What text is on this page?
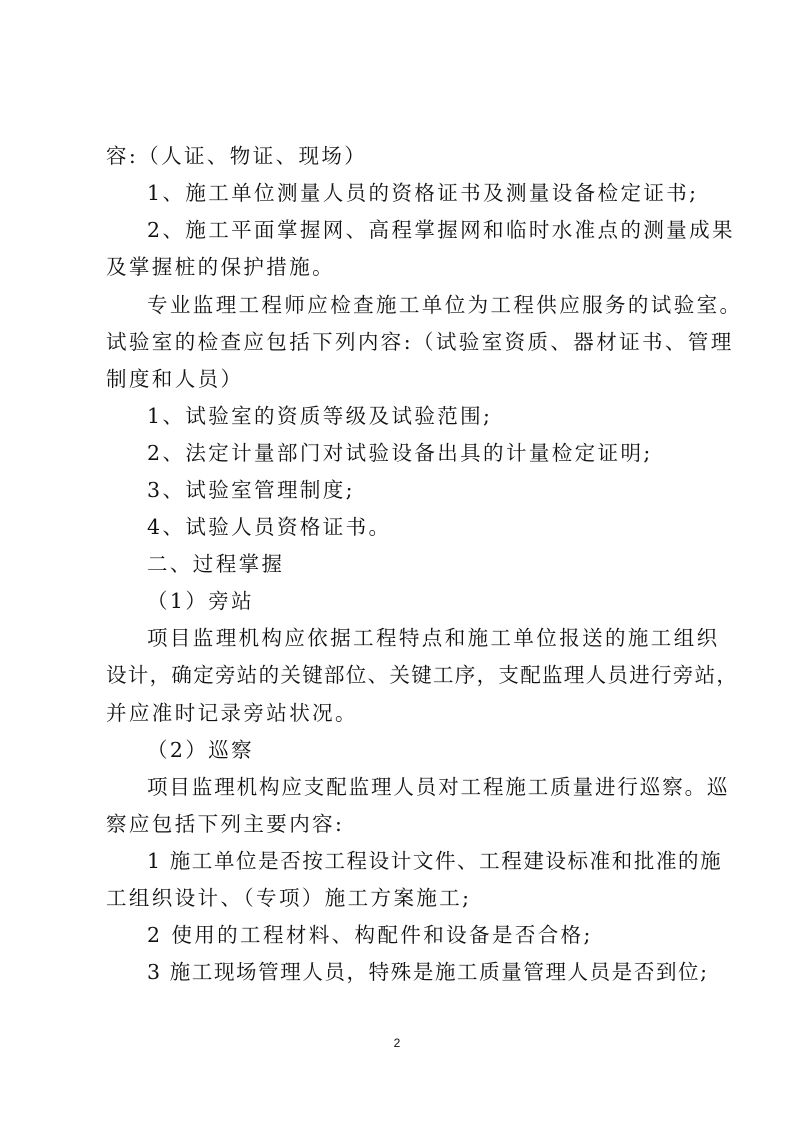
容:（人证、物证、现场）
1、施工单位测量人员的资格证书及测量设备检定证书;
2、施工平面掌握网、高程掌握网和临时水准点的测量成果
及掌握桩的保护措施。
专业监理工程师应检查施工单位为工程供应服务的试验室。
试验室的检查应包括下列内容:（试验室资质、器材证书、管理
制度和人员）
1、试验室的资质等级及试验范围;
2、法定计量部门对试验设备出具的计量检定证明;
3、试验室管理制度;
4、试验人员资格证书。
二、过程掌握
（1）旁站
项目监理机构应依据工程特点和施工单位报送的施工组织
设计，确定旁站的关键部位、关键工序，支配监理人员进行旁站，
并应准时记录旁站状况。
（2）巡察
项目监理机构应支配监理人员对工程施工质量进行巡察。巡
察应包括下列主要内容:
1 施工单位是否按工程设计文件、工程建设标准和批准的施
工组织设计、（专项）施工方案施工;
2 使用的工程材料、构配件和设备是否合格;
3 施工现场管理人员，特殊是施工质量管理人员是否到位;
2
